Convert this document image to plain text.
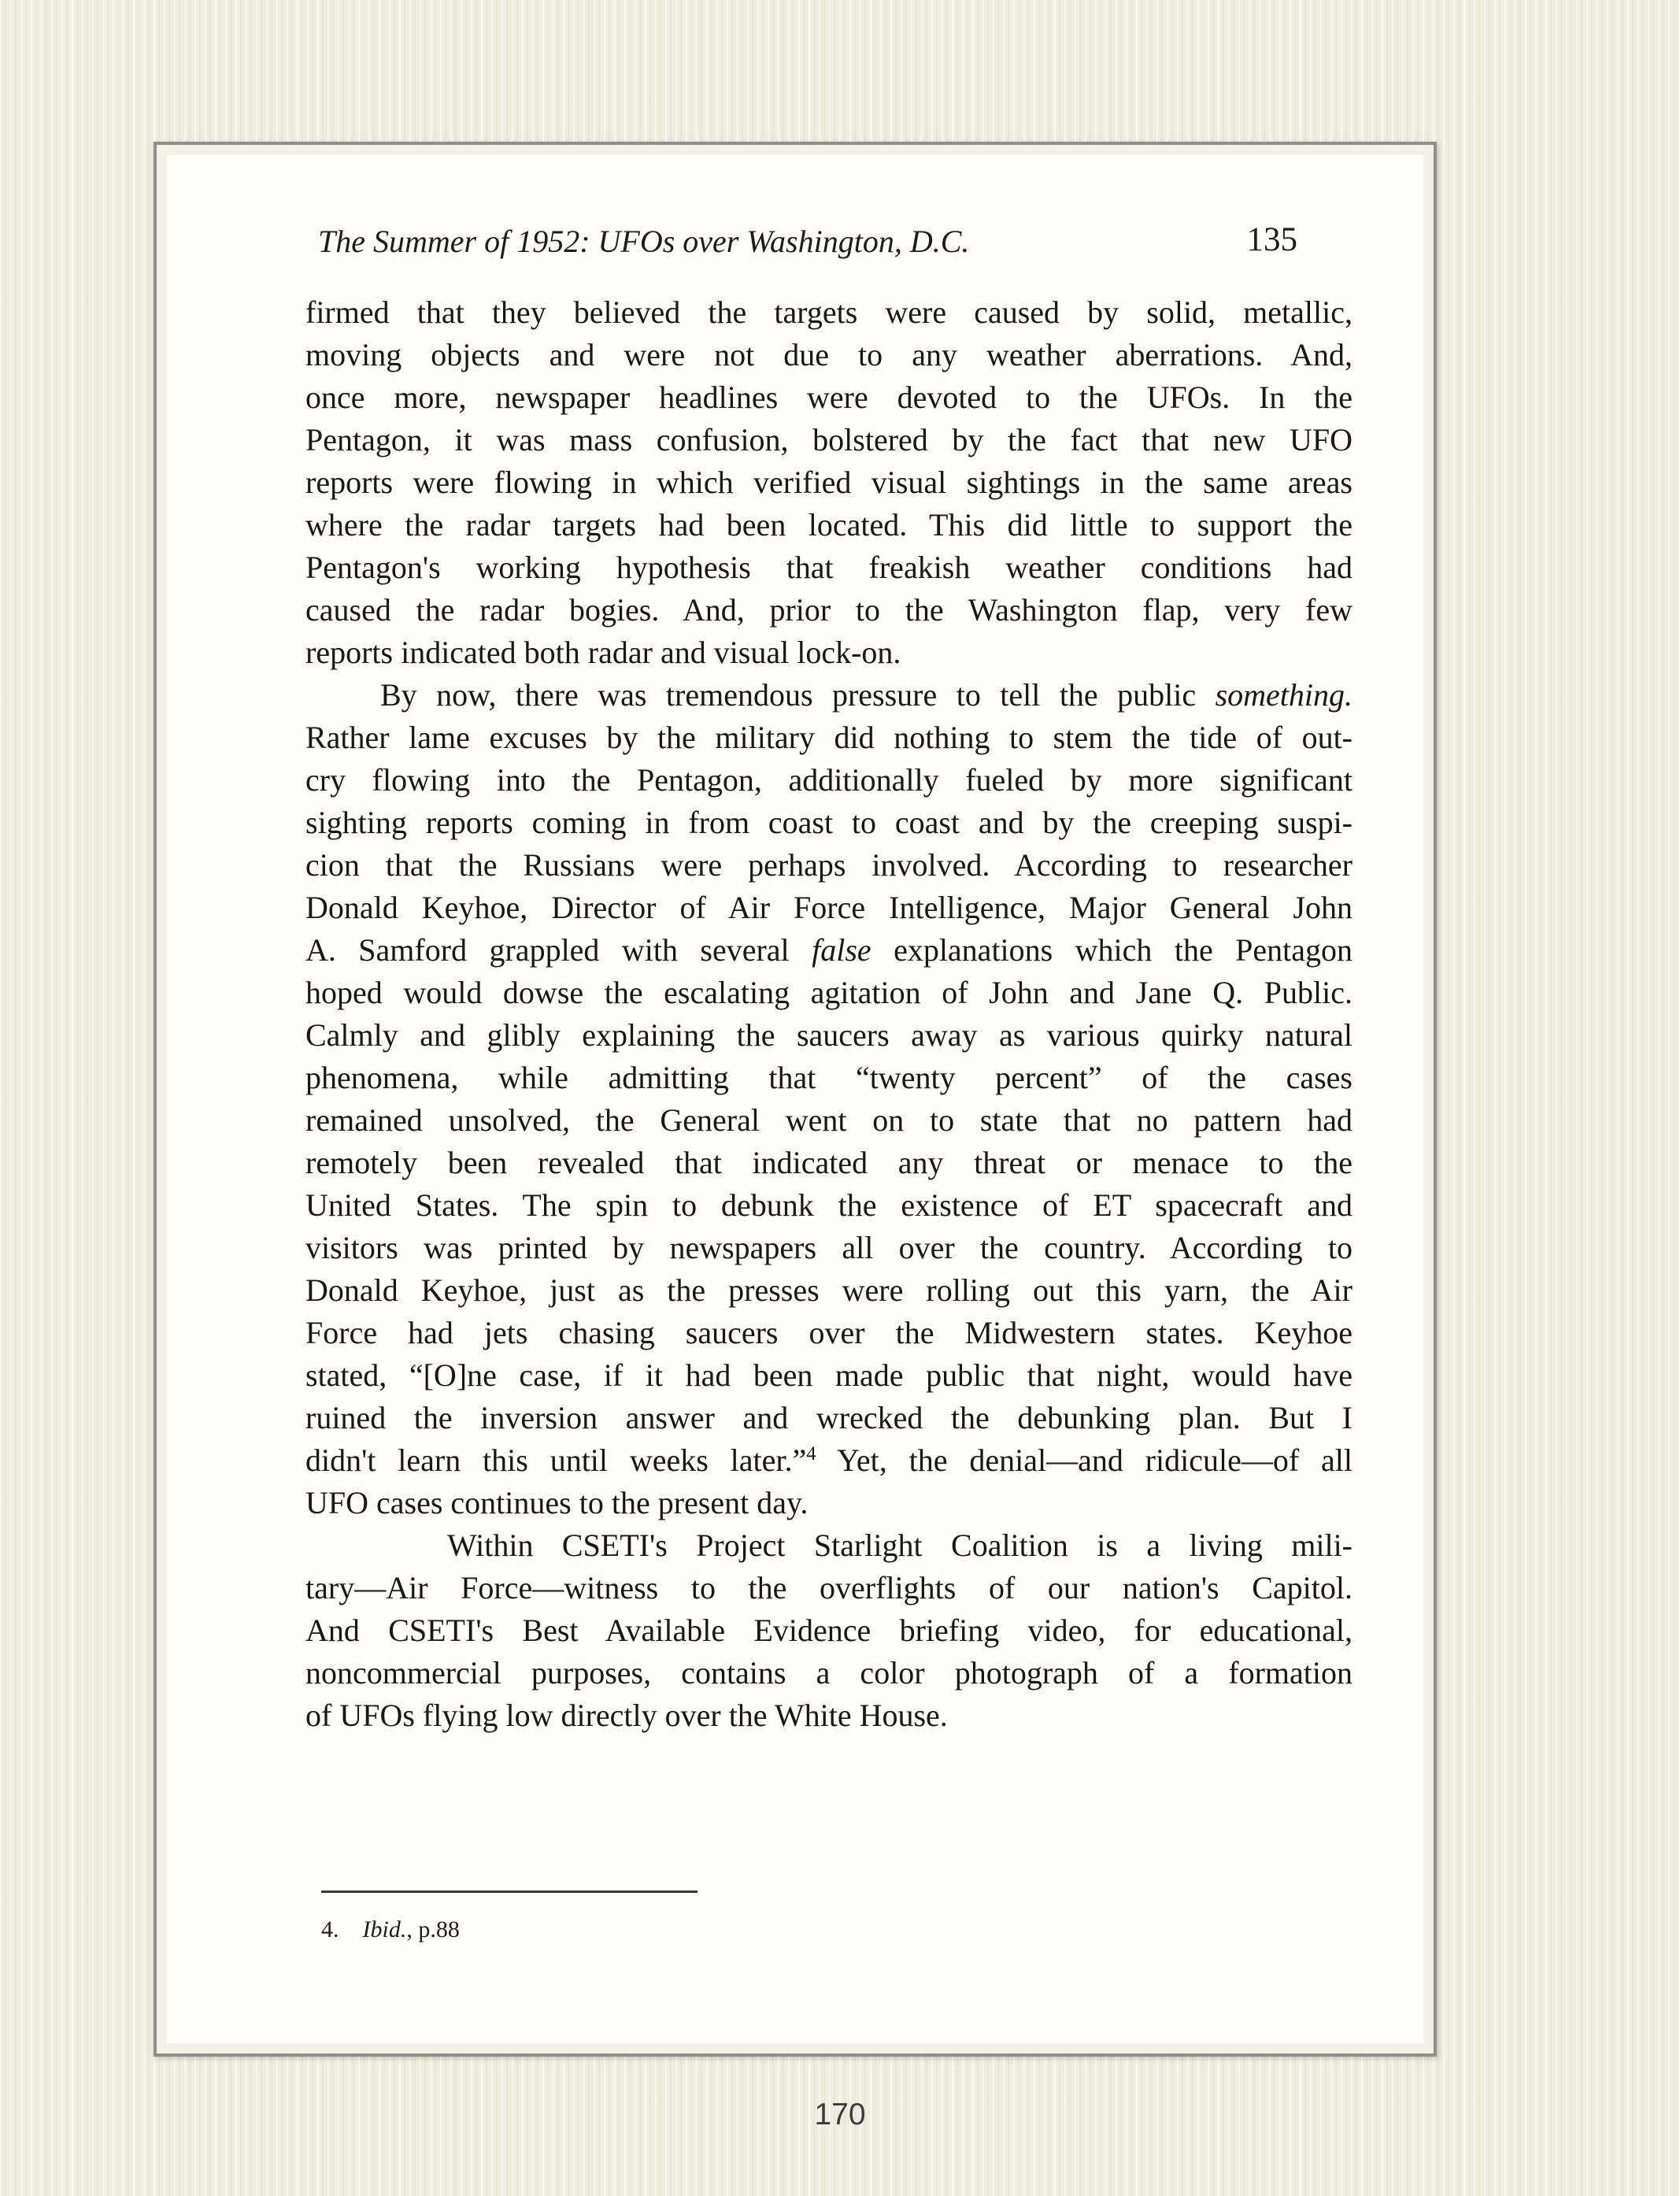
The Summer of 1952: UFOs over Washington, D.C.	135
firmed that they believed the targets were caused by solid, metallic,
moving objects and were not due to any weather aberrations. And,
once more, newspaper headlines were devoted to the UFOs. In the
Pentagon, it was mass confusion, bolstered by the fact that new UFO
reports were flowing in which verified visual sightings in the same areas
where the radar targets had been located. This did little to support the
Pentagon's working hypothesis that freakish weather conditions had
caused the radar bogies. And, prior to the Washington flap, very few
reports indicated both radar and visual lock-on.
By now, there was tremendous pressure to tell the public something.
Rather lame excuses by the military did nothing to stem the tide of out-
cry flowing into the Pentagon, additionally fueled by more significant
sighting reports coming in from coast to coast and by the creeping suspi-
cion that the Russians were perhaps involved. According to researcher
Donald Keyhoe, Director of Air Force Intelligence, Major General John
A. Samford grappled with several false explanations which the Pentagon
hoped would dowse the escalating agitation of John and Jane Q. Public.
Calmly and glibly explaining the saucers away as various quirky natural
phenomena, while admitting that “twenty percent” of the cases
remained unsolved, the General went on to state that no pattern had
remotely been revealed that indicated any threat or menace to the
United States. The spin to debunk the existence of ET spacecraft and
visitors was printed by newspapers all over the country. According to
Donald Keyhoe, just as the presses were rolling out this yarn, the Air
Force had jets chasing saucers over the Midwestern states. Keyhoe
stated, “[O]ne case, if it had been made public that night, would have
ruined the inversion answer and wrecked the debunking plan. But I
didn't learn this until weeks later.”$^4$ Yet, the denial—and ridicule—of all
UFO cases continues to the present day.
Within CSETI's Project Starlight Coalition is a living mili-
tary—Air Force—witness to the overflights of our nation's Capitol.
And CSETI's Best Available Evidence briefing video, for educational,
noncommercial purposes, contains a color photograph of a formation
of UFOs flying low directly over the White House.
4. Ibid., p.88
170
